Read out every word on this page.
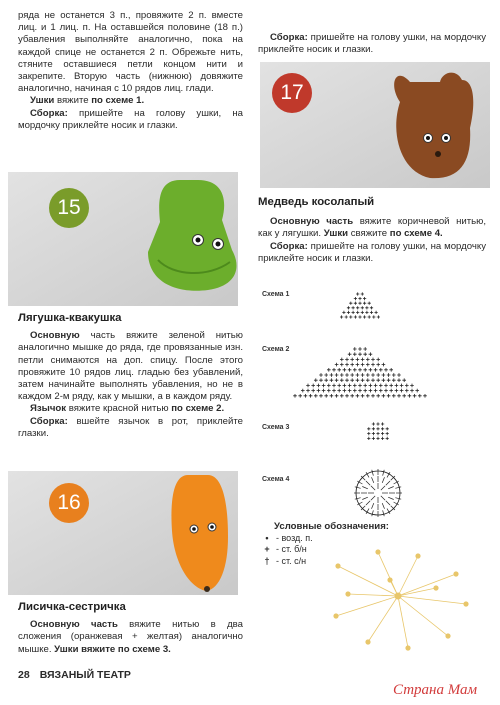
ряда не останется 3 п., провяжите 2 п. вместе лиц. и 1 лиц. п. На оставшейся половине (18 п.) убавления выполняйте аналогично, пока на каждой спице не останется 2 п. Обрежьте нить, стяните оставшиеся петли концом нити и закрепите. Вторую часть (нижнюю) довяжите аналогично, начиная с 10 рядов лиц. глади.

Ушки вяжите по схеме 1.

Сборка: пришейте на голову ушки, на мордочку приклейте носик и глазки.

15
Лягушка-квакушка

Основную часть вяжите зеленой нитью аналогично мышке до ряда, где провязанные изн. петли снимаются на доп. спицу. После этого провяжите 10 рядов лиц. гладью без убавлений, затем начинайте выполнять убавления, но не в каждом 2-м ряду, как у мышки, а в каждом ряду.

Язычок вяжите красной нитью по схеме 2.

Сборка: вшейте язычок в рот, приклейте глазки.

16
Лисичка-сестричка

Основную часть вяжите нитью в два сложения (оранжевая + желтая) аналогично мышке. Ушки вяжите по схеме 3.

Сборка: пришейте на голову ушки, на мордочку приклейте носик и глазки.

17
Медведь косолапый

Основную часть вяжите коричневой нитью, как у лягушки. Ушки свяжите по схеме 4.

Сборка: пришейте на голову ушки, на мордочку приклейте носик и глазки.

Схема 1
Схема 2
Схема 3
Схема 4
Условные обозначения:
• - возд. п.
+ - ст. б/н
† - ст. с/н
28 ВЯЗАНЫЙ ТЕАТР
Страна Мам
